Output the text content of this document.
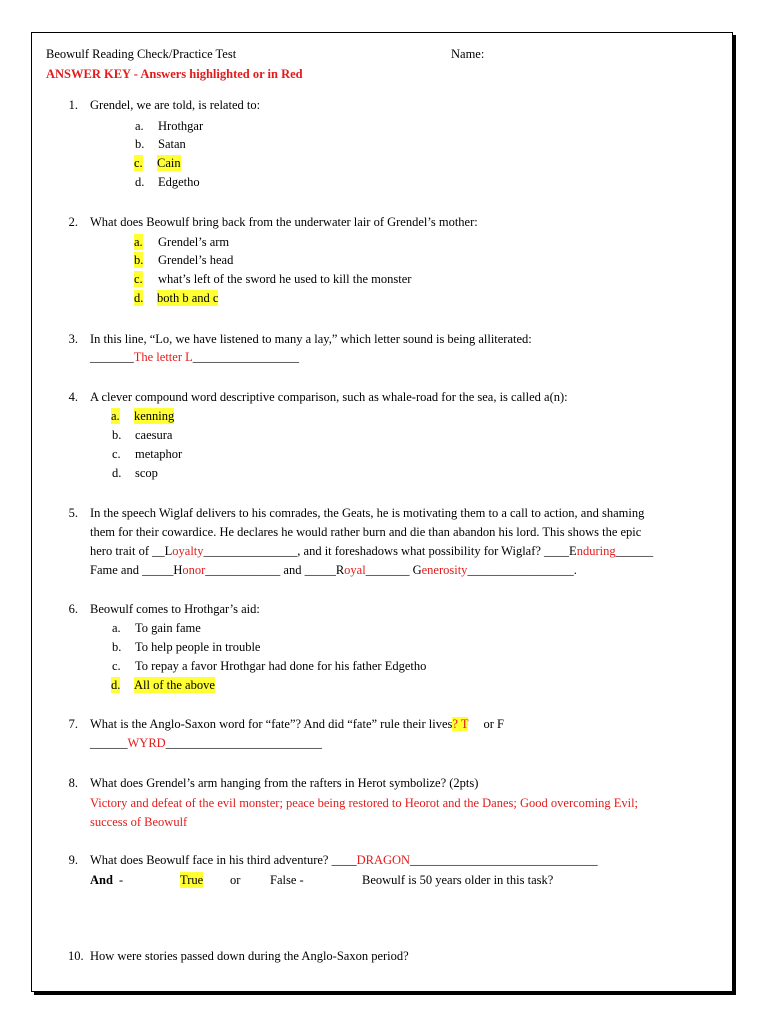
Beowulf Reading Check/Practice Test	Name:
ANSWER KEY - Answers highlighted or in Red
1. Grendel, we are told, is related to:
a. Hrothgar
b. Satan
c. Cain
d. Edgetho
2. What does Beowulf bring back from the underwater lair of Grendel’s mother:
a. Grendel’s arm
b. Grendel’s head
c. what’s left of the sword he used to kill the monster
d. both b and c
3. In this line, “Lo, we have listened to many a lay,” which letter sound is being alliterated:
_______The letter L_________________
4. A clever compound word descriptive comparison, such as whale-road for the sea, is called a(n):
a. kenning
b. caesura
c. metaphor
d. scop
5. In the speech Wiglaf delivers to his comrades, the Geats, he is motivating them to a call to action, and shaming
them for their cowardice. He declares he would rather burn and die than abandon his lord. This shows the epic
hero trait of __Loyalty_______________, and it foreshadows what possibility for Wiglaf? ____Enduring______
Fame and _____Honor____________ and _____Royal_______ Generosity_________________.
6. Beowulf comes to Hrothgar’s aid:
a. To gain fame
b. To help people in trouble
c. To repay a favor Hrothgar had done for his father Edgetho
d. All of the above
7. What is the Anglo-Saxon word for “fate”? And did “fate” rule their lives? T or F
______WYRD_________________________
8. What does Grendel’s arm hanging from the rafters in Herot symbolize? (2pts)
Victory and defeat of the evil monster; peace being restored to Heorot and the Danes; Good overcoming Evil;
success of Beowulf
9. What does Beowulf face in his third adventure? ____DRAGON______________________________
And -	True or False -	Beowulf is 50 years older in this task?
10. How were stories passed down during the Anglo-Saxon period?
